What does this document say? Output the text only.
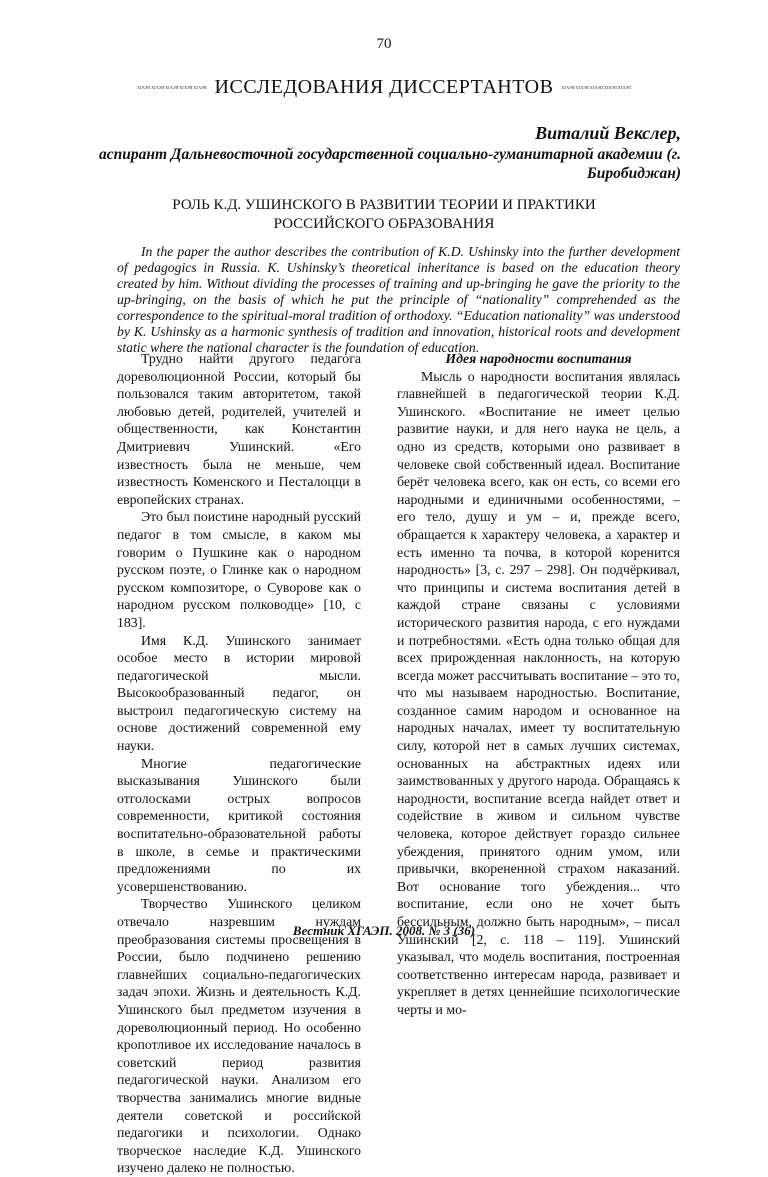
70
ХГАЭП ХГАЭП ХГАЭП ХГАЭП ХГАЭП ИССЛЕДОВАНИЯ ДИССЕРТАНТОВ ХГАЭП ХГАЭП ХГАЭП ХГАЭП ХГАЭП
Виталий Векслер,
аспирант Дальневосточной государственной социально-гуманитарной академии (г. Биробиджан)
РОЛЬ К.Д. УШИНСКОГО В РАЗВИТИИ ТЕОРИИ И ПРАКТИКИ
РОССИЙСКОГО ОБРАЗОВАНИЯ
In the paper the author describes the contribution of K.D. Ushinsky into the further development of pedagogics in Russia. K. Ushinsky’s theoretical inheritance is based on the education theory created by him. Without dividing the processes of training and up-bringing he gave the priority to the up-bringing, on the basis of which he put the principle of “nationality” comprehended as the correspondence to the spiritual-moral tradition of orthodoxy. “Education nationality” was understood by K. Ushinsky as a harmonic synthesis of tradition and innovation, historical roots and development static where the national character is the foundation of education.

Трудно найти другого педагога дореволюционной России, который бы пользовался таким авторитетом, такой любовью детей, родителей, учителей и общественности, как Константин Дмитриевич Ушинский. «Его известность была не меньше, чем известность Коменского и Песталоцци в европейских странах.

Это был поистине народный русский педагог в том смысле, в каком мы говорим о Пушкине как о народном русском поэте, о Глинке как о народном русском композиторе, о Суворове как о народном русском полководце» [10, с 183].

Имя К.Д. Ушинского занимает особое место в истории мировой педагогической мысли. Высокообразованный педагог, он выстроил педагогическую систему на основе достижений современной ему науки.

Многие педагогические высказывания Ушинского были отголосками острых вопросов современности, критикой состояния воспитательно-образовательной работы в школе, в семье и практическими предложениями по их усовершенствованию.

Творчество Ушинского целиком отвечало назревшим нуждам преобразования системы просвещения в России, было подчинено решению главнейших социально-педагогических задач эпохи. Жизнь и деятельность К.Д. Ушинского был предметом изучения в дореволюционный период. Но особенно кропотливое их исследование началось в советский период развития педагогической науки. Анализом его творчества занимались многие видные деятели советской и российской педагогики и психологии. Однако творческое наследие К.Д. Ушинского изучено далеко не полностью.

Идея народности воспитания

Мысль о народности воспитания являлась главнейшей в педагогической теории К.Д. Ушинского. «Воспитание не имеет целью развитие науки, и для него наука не цель, а одно из средств, которыми оно развивает в человеке свой собственный идеал. Воспитание берёт человека всего, как он есть, со всеми его народными и единичными особенностями, – его тело, душу и ум – и, прежде всего, обращается к характеру человека, а характер и есть именно та почва, в которой коренится народность» [3, с. 297 – 298]. Он подчёркивал, что принципы и система воспитания детей в каждой стране связаны с условиями исторического развития народа, с его нуждами и потребностями. «Есть одна только общая для всех прирожденная наклонность, на которую всегда может рассчитывать воспитание – это то, что мы называем народностью. Воспитание, созданное самим народом и основанное на народных началах, имеет ту воспитательную силу, которой нет в самых лучших системах, основанных на абстрактных идеях или заимствованных у другого народа. Обращаясь к народности, воспитание всегда найдет ответ и содействие в живом и сильном чувстве человека, которое действует гораздо сильнее убеждения, принятого одним умом, или привычки, вкорененной страхом наказаний. Вот основание того убеждения... что воспитание, если оно не хочет быть бессильным, должно быть народным», – писал Ушинский [2, с. 118 – 119]. Ушинский указывал, что модель воспитания, построенная соответственно интересам народа, развивает и укрепляет в детях ценнейшие психологические черты и мо-

Вестник ХГАЭП. 2008. № 3 (36)
